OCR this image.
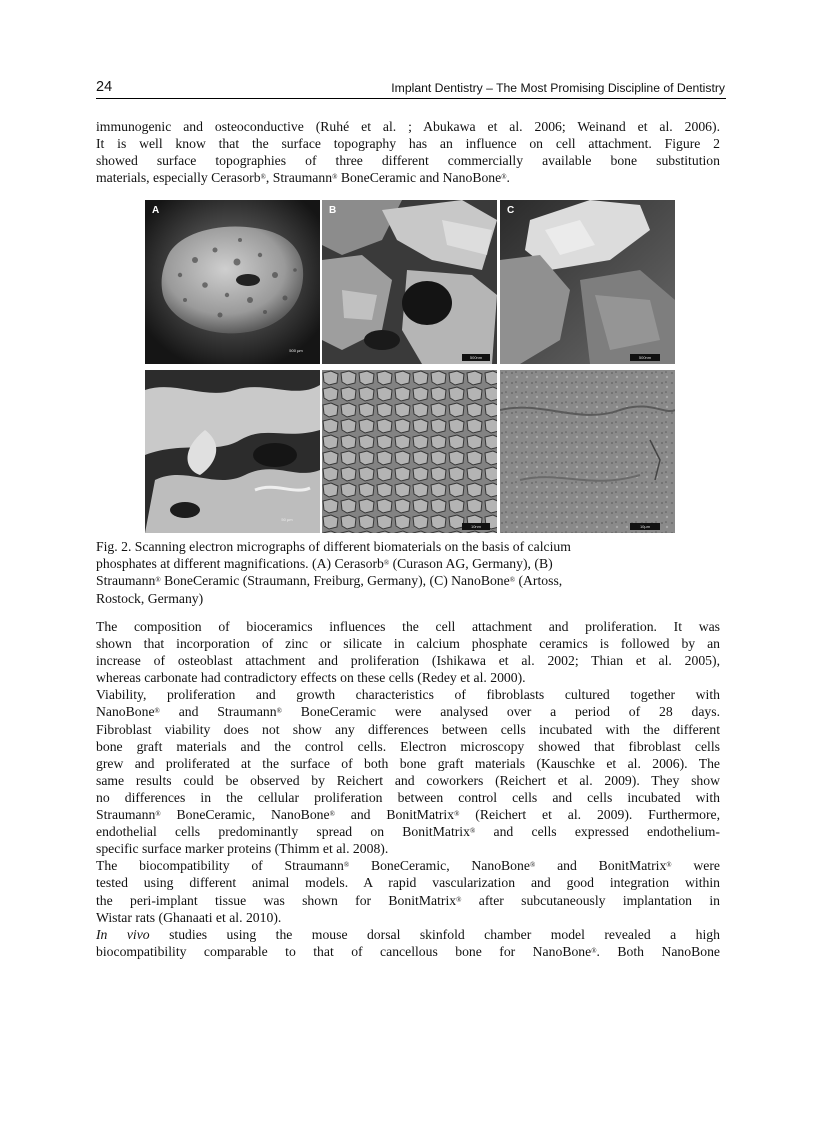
24	Implant Dentistry – The Most Promising Discipline of Dentistry

immunogenic and osteoconductive (Ruhé et al. ; Abukawa et al. 2006; Weinand et al. 2006).
It is well know that the surface topography has an influence on cell attachment. Figure 2
showed surface topographies of three different commercially available bone substitution
materials, especially Cerasorb®, Straumann® BoneCeramic and NanoBone®.

A
500 µm
B
500nm
C
500nm
50 µm
10nm	10µm

Fig. 2. Scanning electron micrographs of different biomaterials on the basis of calcium
phosphates at different magnifications. (A) Cerasorb® (Curason AG, Germany), (B)
Straumann® BoneCeramic (Straumann, Freiburg, Germany), (C) NanoBone® (Artoss,
Rostock, Germany)

The composition of bioceramics influences the cell attachment and proliferation. It was
shown that incorporation of zinc or silicate in calcium phosphate ceramics is followed by an
increase of osteoblast attachment and proliferation (Ishikawa et al. 2002; Thian et al. 2005),
whereas carbonate had contradictory effects on these cells (Redey et al. 2000).
Viability, proliferation and growth characteristics of fibroblasts cultured together with
NanoBone® and Straumann® BoneCeramic were analysed over a period of 28 days.
Fibroblast viability does not show any differences between cells incubated with the different
bone graft materials and the control cells. Electron microscopy showed that fibroblast cells
grew and proliferated at the surface of both bone graft materials (Kauschke et al. 2006). The
same results could be observed by Reichert and coworkers (Reichert et al. 2009). They show
no differences in the cellular proliferation between control cells and cells incubated with
Straumann® BoneCeramic, NanoBone® and BonitMatrix® (Reichert et al. 2009). Furthermore,
endothelial cells predominantly spread on BonitMatrix® and cells expressed endothelium-
specific surface marker proteins (Thimm et al. 2008).
The biocompatibility of Straumann® BoneCeramic, NanoBone® and BonitMatrix® were
tested using different animal models. A rapid vascularization and good integration within
the peri-implant tissue was shown for BonitMatrix® after subcutaneously implantation in
Wistar rats (Ghanaati et al. 2010).
In vivo studies using the mouse dorsal skinfold chamber model revealed a high
biocompatibility comparable to that of cancellous bone for NanoBone®. Both NanoBone
